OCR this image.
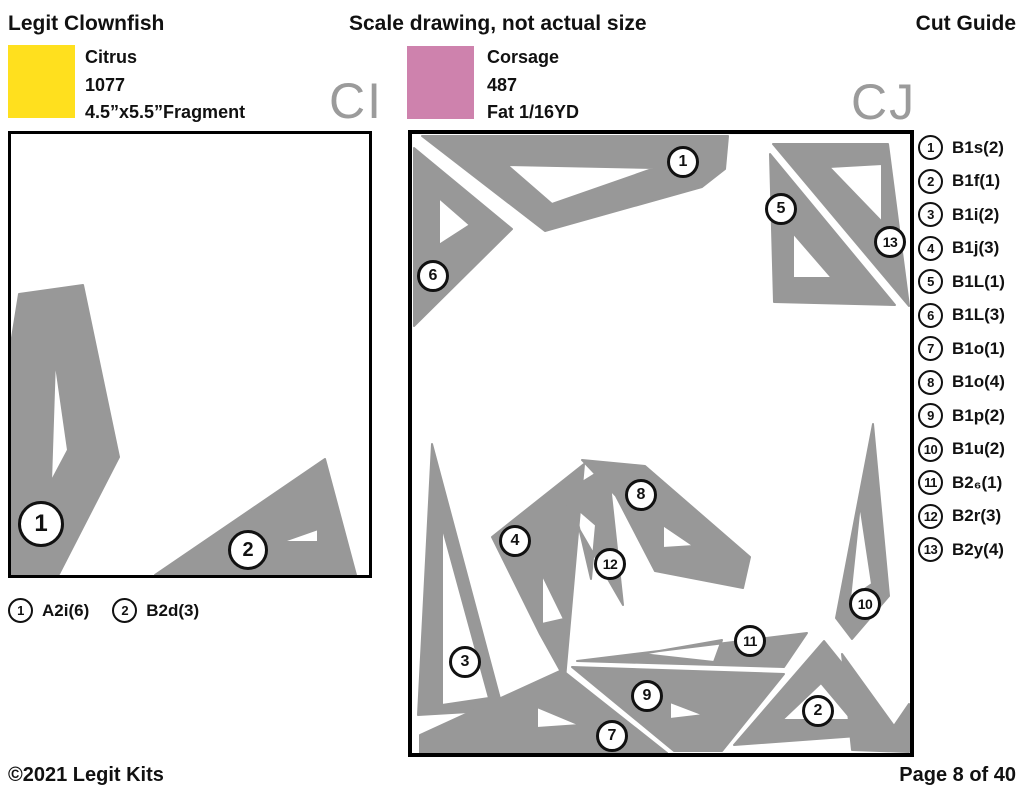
Legit Clownfish	Scale drawing, not actual size	Cut Guide
Citrus
1077
4.5”x5.5”Fragment CI
Corsage
487
Fat 1/16YD	CJ
1
2
1
2
3
4
5
6
7
8
9
10
11
12
13
1	A2i(6)	2	B2d(3)
1	B1s(2)
2	B1f(1)
3	B1i(2)
4	B1j(3)
5	B1L(1)
6	B1L(3)
7	B1o(1)
8	B1o(4)
9	B1p(2)
10 B1u(2)
11 B2₆(1)
12 B2r(3)
13 B2y(4)
©2021 Legit Kits	Page 8 of 40
